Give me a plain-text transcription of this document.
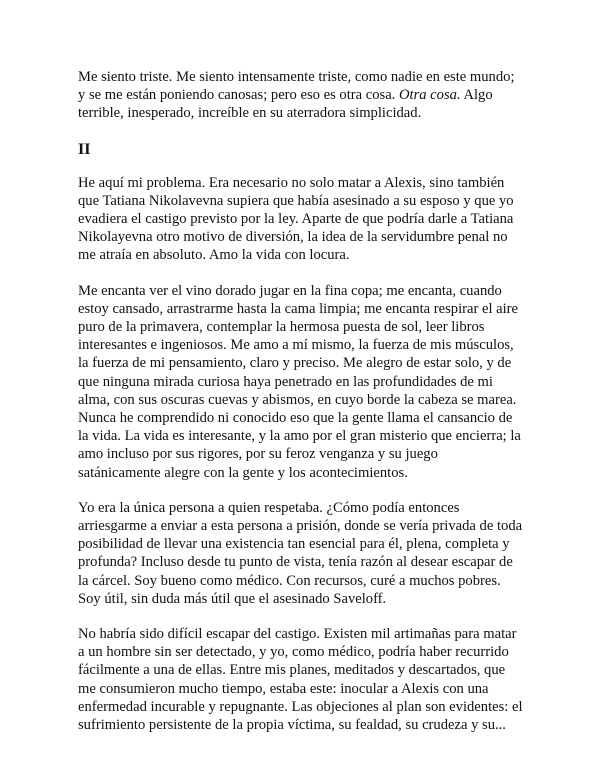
Me siento triste. Me siento intensamente triste, como nadie en este mundo;
y se me están poniendo canosas; pero eso es otra cosa. Otra cosa. Algo
terrible, inesperado, increíble en su aterradora simplicidad.

II

He aquí mi problema. Era necesario no solo matar a Alexis, sino también
que Tatiana Nikolavevna supiera que había asesinado a su esposo y que yo
evadiera el castigo previsto por la ley. Aparte de que podría darle a Tatiana
Nikolayevna otro motivo de diversión, la idea de la servidumbre penal no
me atraía en absoluto. Amo la vida con locura.

Me encanta ver el vino dorado jugar en la fina copa; me encanta, cuando
estoy cansado, arrastrarme hasta la cama limpia; me encanta respirar el aire
puro de la primavera, contemplar la hermosa puesta de sol, leer libros
interesantes e ingeniosos. Me amo a mí mismo, la fuerza de mis músculos,
la fuerza de mi pensamiento, claro y preciso. Me alegro de estar solo, y de
que ninguna mirada curiosa haya penetrado en las profundidades de mi
alma, con sus oscuras cuevas y abismos, en cuyo borde la cabeza se marea.
Nunca he comprendido ni conocido eso que la gente llama el cansancio de
la vida. La vida es interesante, y la amo por el gran misterio que encierra; la
amo incluso por sus rigores, por su feroz venganza y su juego
satánicamente alegre con la gente y los acontecimientos.

Yo era la única persona a quien respetaba. ¿Cómo podía entonces
arriesgarme a enviar a esta persona a prisión, donde se vería privada de toda
posibilidad de llevar una existencia tan esencial para él, plena, completa y
profunda? Incluso desde tu punto de vista, tenía razón al desear escapar de
la cárcel. Soy bueno como médico. Con recursos, curé a muchos pobres.
Soy útil, sin duda más útil que el asesinado Saveloff.

No habría sido difícil escapar del castigo. Existen mil artimañas para matar
a un hombre sin ser detectado, y yo, como médico, podría haber recurrido
fácilmente a una de ellas. Entre mis planes, meditados y descartados, que
me consumieron mucho tiempo, estaba este: inocular a Alexis con una
enfermedad incurable y repugnante. Las objeciones al plan son evidentes: el
sufrimiento persistente de la propia víctima, su fealdad, su crudeza y su...
